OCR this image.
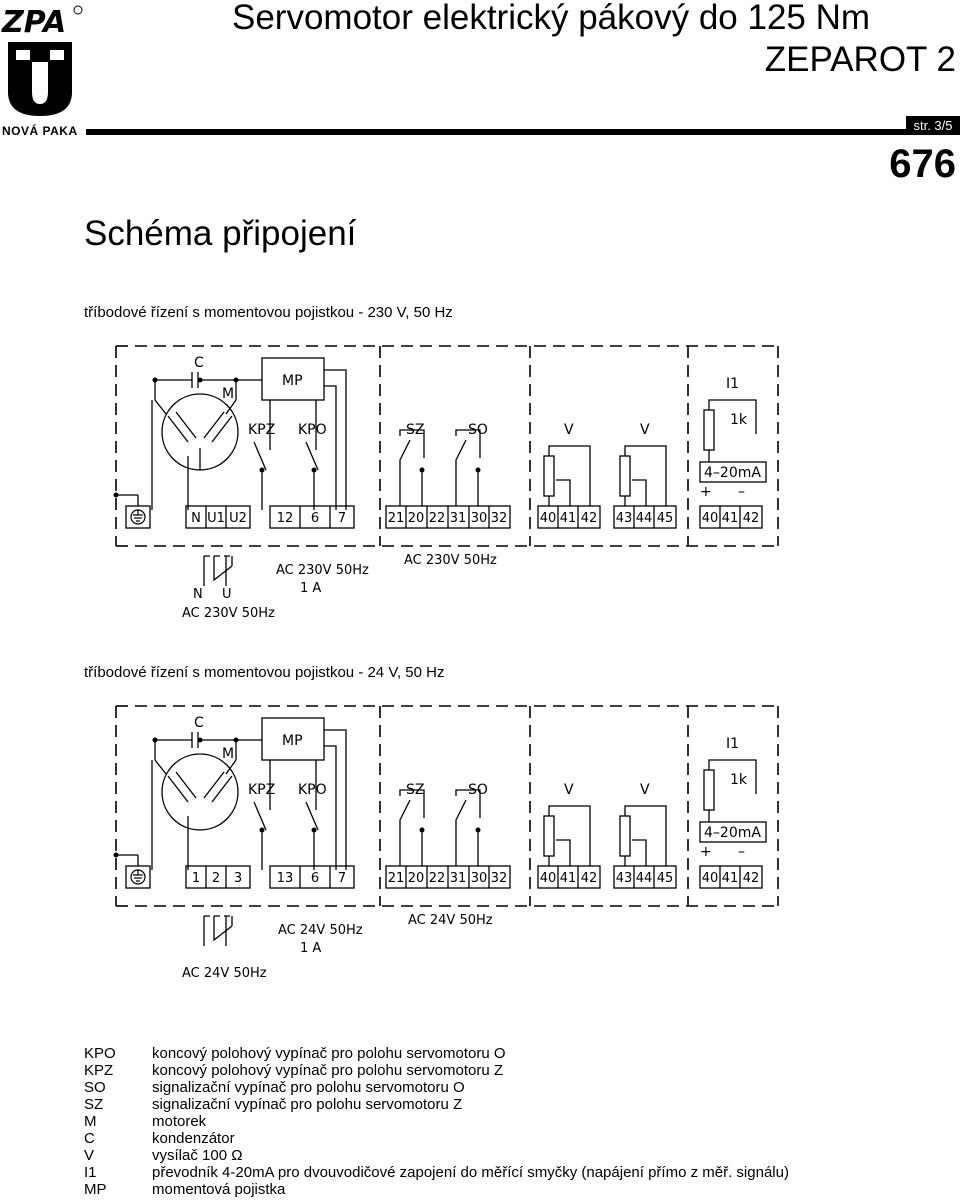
ZPA
NOVÁ PAKA
Servomotor elektrický pákový do 125 Nm
ZEPAROT 2
str. 3/5
676
Schéma připojení
tříbodové řízení s momentovou pojistkou - 230 V, 50 Hz
tříbodové řízení s momentovou pojistkou - 24 V, 50 Hz
C
M
MP
KPZ KPO	SZ	SO	V	V
I1
1k
4–20mA
+ –
N U1 U2 12 6 7	21 20 22 31 30 32 40 41 42 43 44 45 40 41 42
AC 230V 50Hz
1 A
AC 230V 50Hz
N U
AC 230V 50Hz
C
M
MP
KPZ KPO	SZ	SO	V	V
I1
1k
4–20mA
+ –
1 2 3	13 6 7	21 20 22 31 30 32 40 41 42 43 44 45 40 41 42
AC 24V 50Hz
1 A
AC 24V 50Hz
AC 24V 50Hz
KPO	koncový polohový vypínač pro polohu servomotoru O
KPZ	koncový polohový vypínač pro polohu servomotoru Z
SO	signalizační vypínač pro polohu servomotoru O
SZ	signalizační vypínač pro polohu servomotoru Z
M	motorek
C	kondenzátor
V	vysílač 100 Ω
I1	převodník 4-20mA pro dvouvodičové zapojení do měřící smyčky (napájení přímo z měř. signálu)
MP	momentová pojistka
